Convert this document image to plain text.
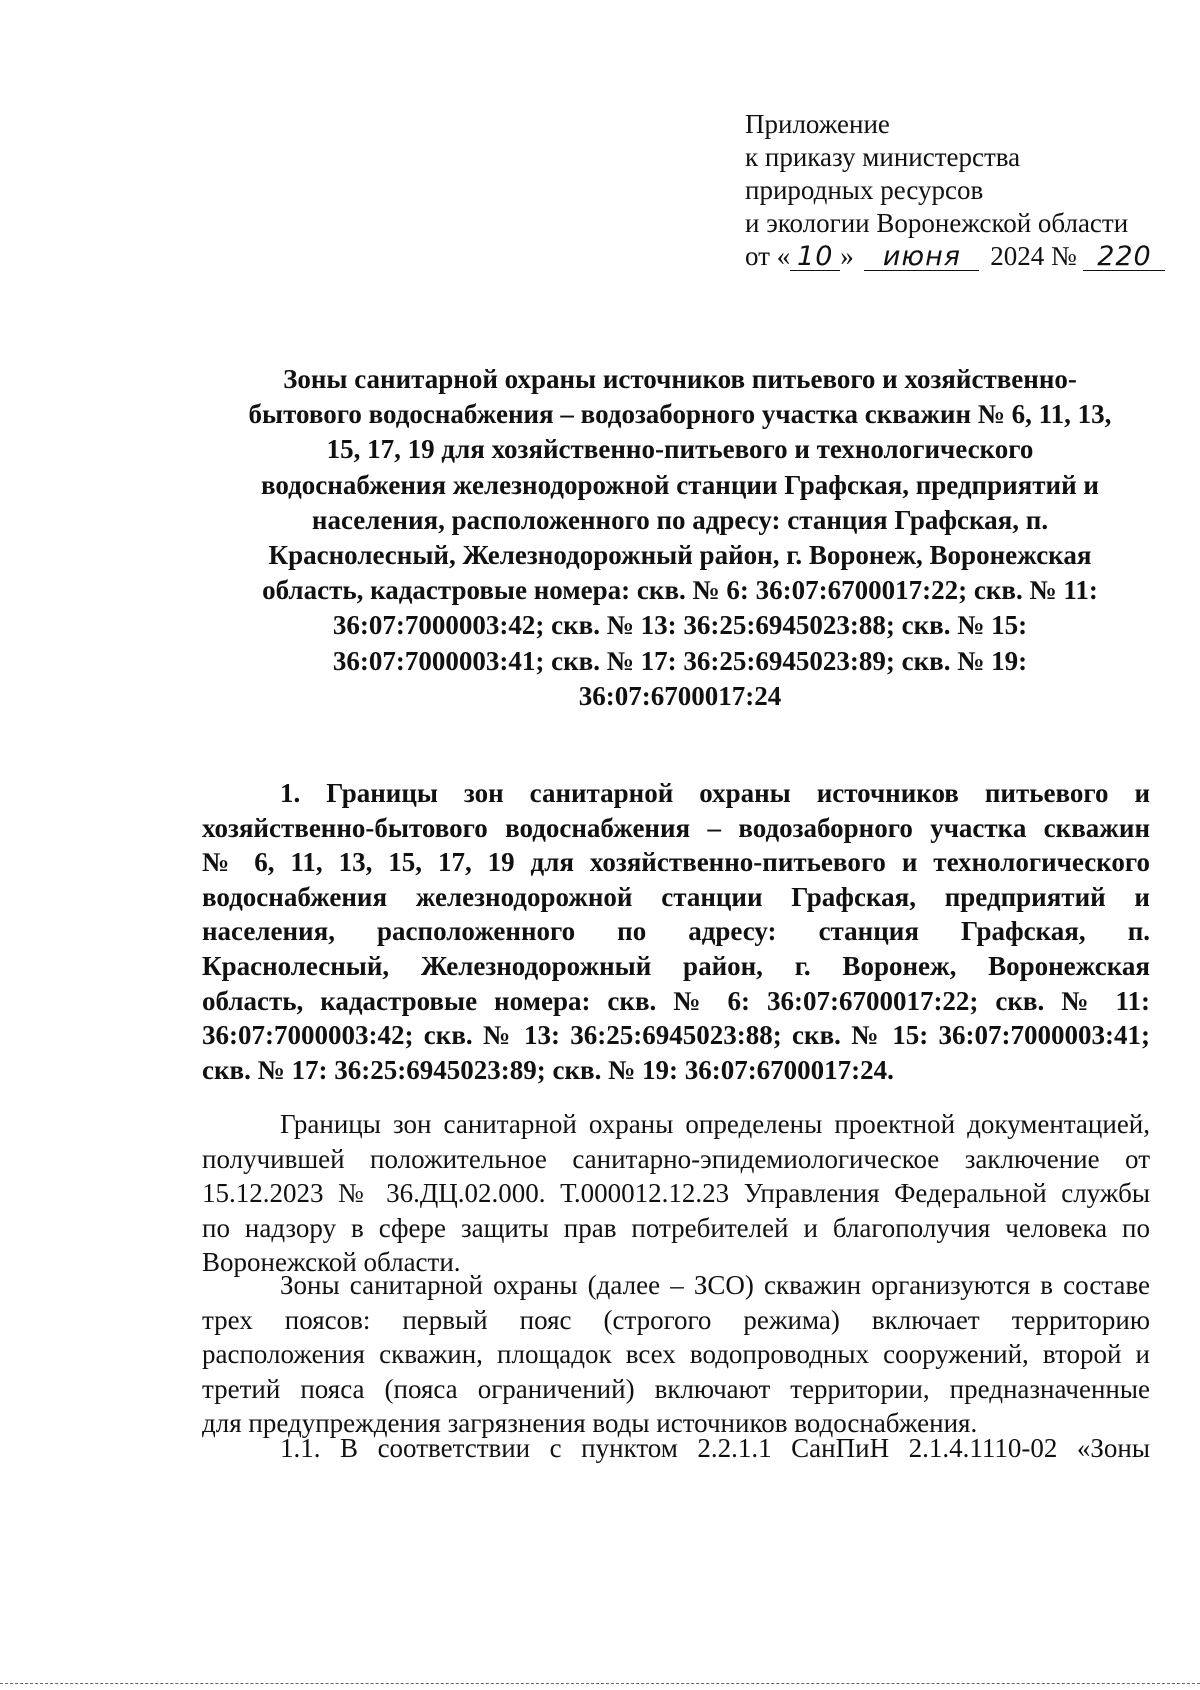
Приложение
к приказу министерства
природных ресурсов
и экологии Воронежской области
от « 10 » июня 2024 № 220
Зоны санитарной охраны источников питьевого и хозяйственно-
бытового водоснабжения – водозаборного участка скважин № 6, 11, 13,
15, 17, 19 для хозяйственно-питьевого и технологического
водоснабжения железнодорожной станции Графская, предприятий и
населения, расположенного по адресу: станция Графская, п.
Краснолесный, Железнодорожный район, г. Воронеж, Воронежская
область, кадастровые номера: скв. № 6: 36:07:6700017:22; скв. № 11:
36:07:7000003:42; скв. № 13: 36:25:6945023:88; скв. № 15:
36:07:7000003:41; скв. № 17: 36:25:6945023:89; скв. № 19:
36:07:6700017:24
1. Границы зон санитарной охраны источников питьевого и
хозяйственно-бытового водоснабжения – водозаборного участка скважин
№ 6, 11, 13, 15, 17, 19 для хозяйственно-питьевого и технологического
водоснабжения железнодорожной станции Графская, предприятий и
населения, расположенного по адресу: станция Графская, п.
Краснолесный, Железнодорожный район, г. Воронеж, Воронежская
область, кадастровые номера: скв. № 6: 36:07:6700017:22; скв. № 11:
36:07:7000003:42; скв. № 13: 36:25:6945023:88; скв. № 15: 36:07:7000003:41;
скв. № 17: 36:25:6945023:89; скв. № 19: 36:07:6700017:24.
Границы зон санитарной охраны определены проектной документацией,
получившей положительное санитарно-эпидемиологическое заключение от
15.12.2023 № 36.ДЦ.02.000. Т.000012.12.23 Управления Федеральной службы
по надзору в сфере защиты прав потребителей и благополучия человека по
Воронежской области.
Зоны санитарной охраны (далее – ЗСО) скважин организуются в составе
трех поясов: первый пояс (строгого режима) включает территорию
расположения скважин, площадок всех водопроводных сооружений, второй и
третий пояса (пояса ограничений) включают территории, предназначенные
для предупреждения загрязнения воды источников водоснабжения.
1.1. В соответствии с пунктом 2.2.1.1 СанПиН 2.1.4.1110-02 «Зоны
